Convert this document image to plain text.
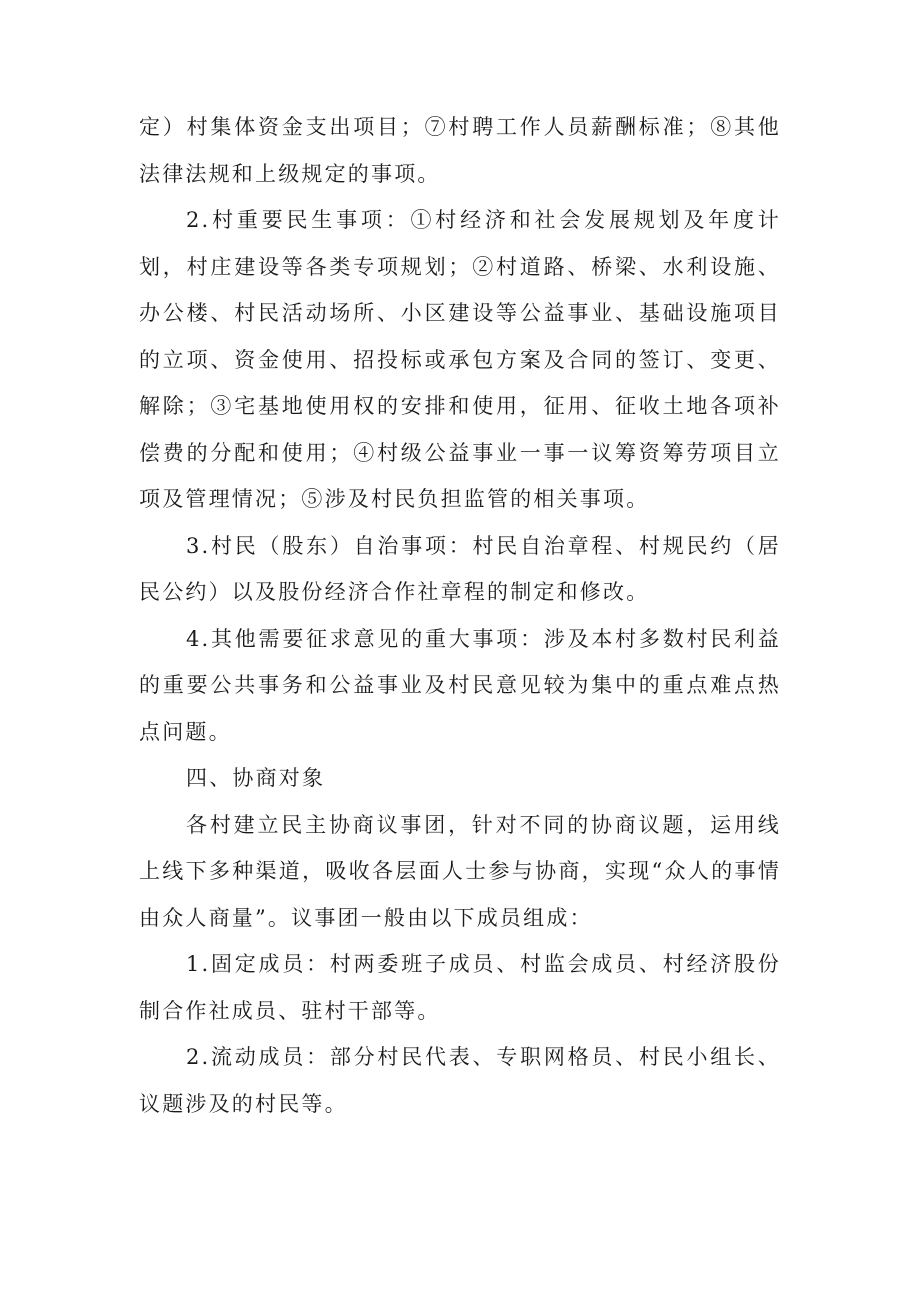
定）村集体资金支出项目；⑦村聘工作人员薪酬标准；⑧其他法律法规和上级规定的事项。

2.村重要民生事项：①村经济和社会发展规划及年度计划，村庄建设等各类专项规划；②村道路、桥梁、水利设施、办公楼、村民活动场所、小区建设等公益事业、基础设施项目的立项、资金使用、招投标或承包方案及合同的签订、变更、解除；③宅基地使用权的安排和使用，征用、征收土地各项补偿费的分配和使用；④村级公益事业一事一议筹资筹劳项目立项及管理情况；⑤涉及村民负担监管的相关事项。

3.村民（股东）自治事项：村民自治章程、村规民约（居民公约）以及股份经济合作社章程的制定和修改。

4.其他需要征求意见的重大事项：涉及本村多数村民利益的重要公共事务和公益事业及村民意见较为集中的重点难点热点问题。

四、协商对象

各村建立民主协商议事团，针对不同的协商议题，运用线上线下多种渠道，吸收各层面人士参与协商，实现“众人的事情由众人商量”。议事团一般由以下成员组成：

1.固定成员：村两委班子成员、村监会成员、村经济股份制合作社成员、驻村干部等。

2.流动成员：部分村民代表、专职网格员、村民小组长、议题涉及的村民等。
